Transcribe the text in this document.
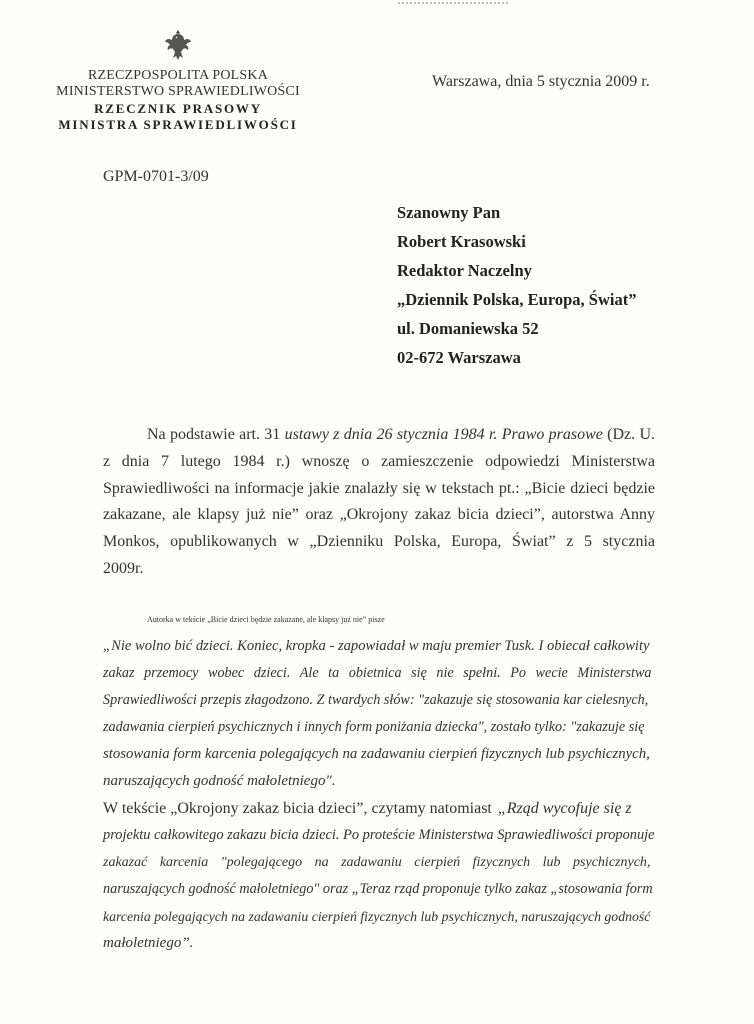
RZECZPOSPOLITA POLSKA
MINISTERSTWO SPRAWIEDLIWOŚCI
RZECZNIK PRASOWY
MINISTRA SPRAWIEDLIWOŚCI
Warszawa, dnia 5 stycznia 2009 r.
GPM-0701-3/09
Szanowny Pan
Robert Krasowski
Redaktor Naczelny
„Dziennik Polska, Europa, Świat”
ul. Domaniewska 52
02-672 Warszawa
Na podstawie art. 31 ustawy z dnia 26 stycznia 1984 r. Prawo prasowe (Dz. U.
z dnia 7 lutego 1984 r.) wnoszę o zamieszczenie odpowiedzi Ministerstwa
Sprawiedliwości na informacje jakie znalazły się w tekstach pt.: „Bicie dzieci będzie
zakazane, ale klapsy już nie” oraz „Okrojony zakaz bicia dzieci”, autorstwa Anny
Monkos, opublikowanych w „Dzienniku Polska, Europa, Świat” z 5 stycznia
2009r.
Autorka w tekście „Bicie dzieci będzie zakazane, ale klapsy już nie” pisze
„Nie wolno bić dzieci. Koniec, kropka - zapowiadał w maju premier Tusk. I obiecał całkowity
zakaz przemocy wobec dzieci. Ale ta obietnica się nie spełni. Po wecie Ministerstwa
Sprawiedliwości przepis złagodzono. Z twardych słów: "zakazuje się stosowania kar cielesnych,
zadawania cierpień psychicznych i innych form poniżania dziecka", zostało tylko: "zakazuje się
stosowania form karcenia polegających na zadawaniu cierpień fizycznych lub psychicznych,
naruszających godność małoletniego".
W tekście „Okrojony zakaz bicia dzieci”, czytamy natomiast „Rząd wycofuje się z
projektu całkowitego zakazu bicia dzieci. Po proteście Ministerstwa Sprawiedliwości proponuje
zakazać karcenia "polegającego na zadawaniu cierpień fizycznych lub psychicznych,
naruszających godność małoletniego" oraz „Teraz rząd proponuje tylko zakaz „stosowania form
karcenia polegających na zadawaniu cierpień fizycznych lub psychicznych, naruszających godność
małoletniego”.
